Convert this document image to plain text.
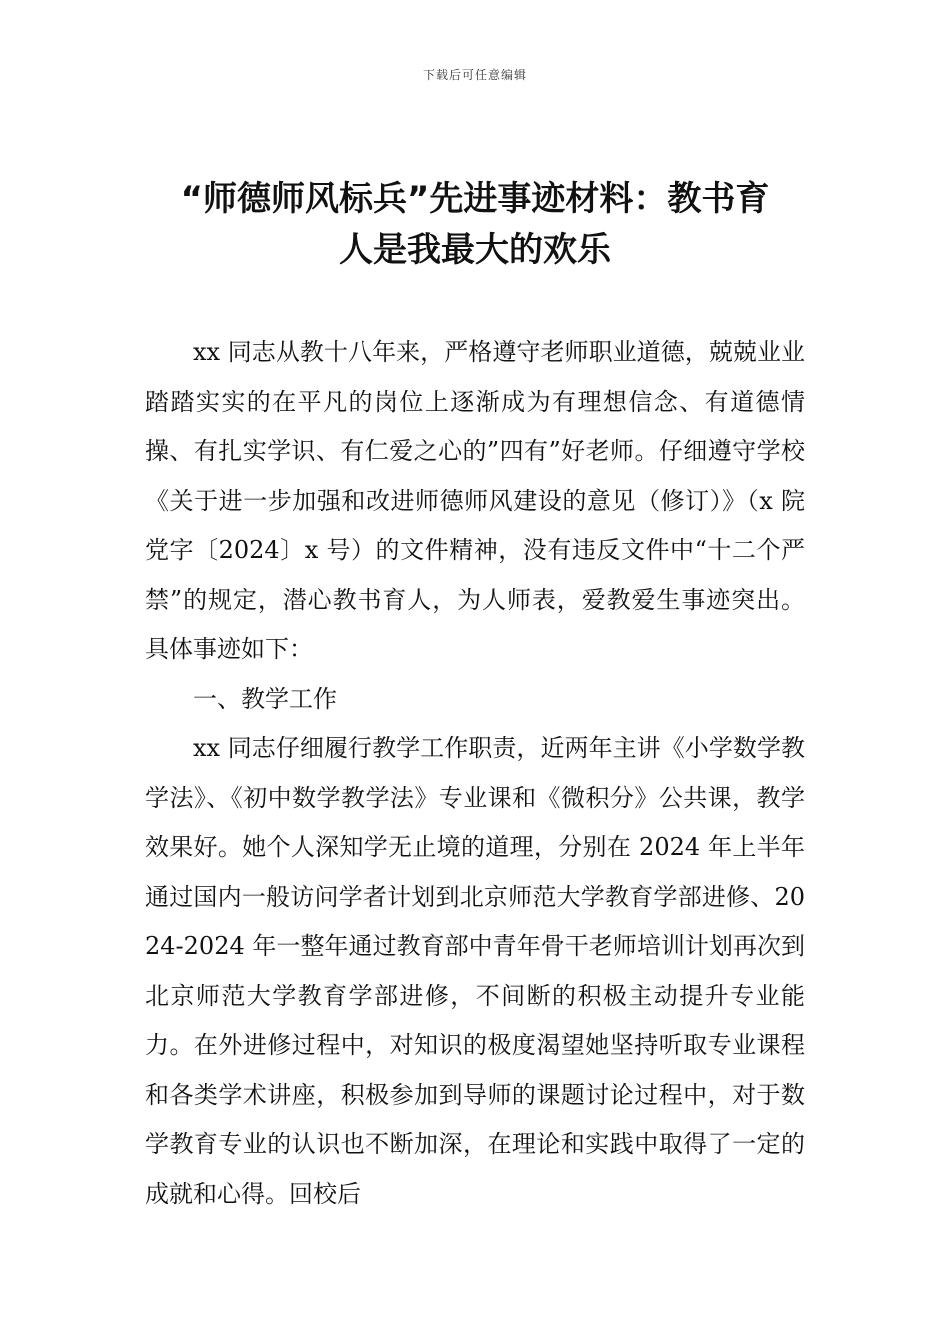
下载后可任意编辑
“师德师风标兵”先进事迹材料：教书育
人是我最大的欢乐

xx 同志从教十八年来，严格遵守老师职业道德，兢兢业业踏踏实实的在平凡的岗位上逐渐成为有理想信念、有道德情操、有扎实学识、有仁爱之心的”四有”好老师。仔细遵守学校《关于进一步加强和改进师德师风建设的意见（修订）》（x 院党字〔2024〕x 号）的文件精神，没有违反文件中“十二个严禁”的规定，潜心教书育人，为人师表，爱教爱生事迹突出。具体事迹如下：

一、教学工作

xx 同志仔细履行教学工作职责，近两年主讲《小学数学教学法》、《初中数学教学法》专业课和《微积分》公共课，教学效果好。她个人深知学无止境的道理，分别在 2024 年上半年通过国内一般访问学者计划到北京师范大学教育学部进修、2024-2024 年一整年通过教育部中青年骨干老师培训计划再次到北京师范大学教育学部进修，不间断的积极主动提升专业能力。在外进修过程中，对知识的极度渴望她坚持听取专业课程和各类学术讲座，积极参加到导师的课题讨论过程中，对于数学教育专业的认识也不断加深，在理论和实践中取得了一定的成就和心得。回校后
